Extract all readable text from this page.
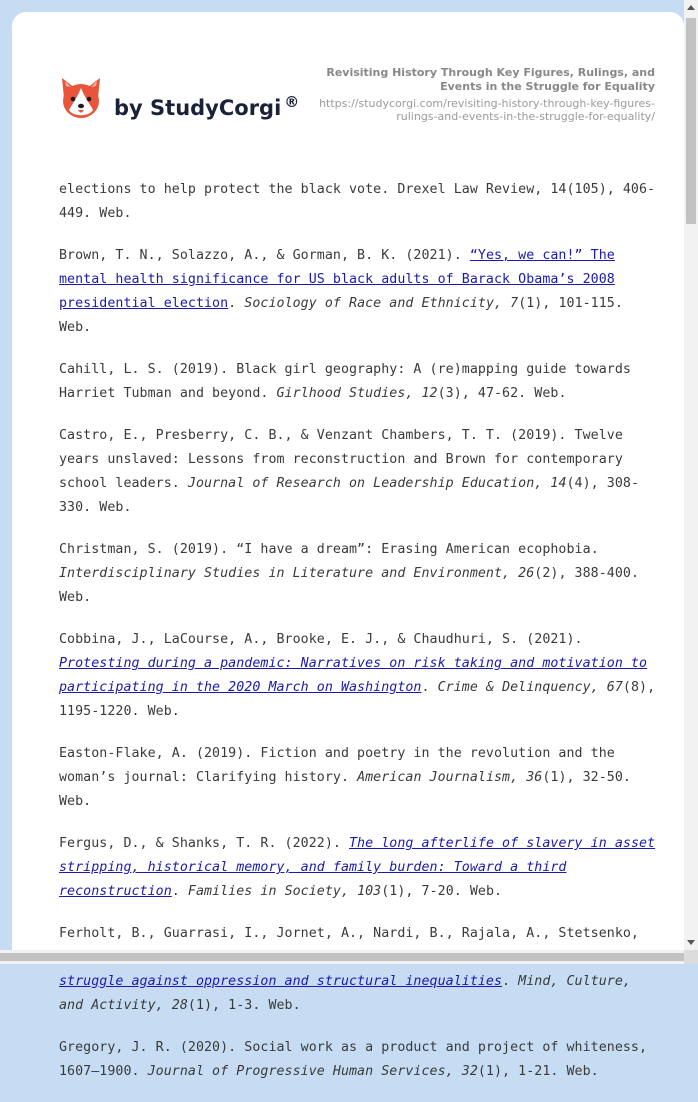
by StudyCorgi ®
Revisiting History Through Key Figures, Rulings, and Events in the Struggle for Equality
https://studycorgi.com/revisiting-history-through-key-figures-rulings-and-events-in-the-struggle-for-equality/

elections to help protect the black vote. Drexel Law Review, 14(105), 406-449. Web.

Brown, T. N., Solazzo, A., & Gorman, B. K. (2021). “Yes, we can!” The mental health significance for US black adults of Barack Obama’s 2008 presidential election. Sociology of Race and Ethnicity, 7(1), 101-115. Web.

Cahill, L. S. (2019). Black girl geography: A (re)mapping guide towards Harriet Tubman and beyond. Girlhood Studies, 12(3), 47-62. Web.

Castro, E., Presberry, C. B., & Venzant Chambers, T. T. (2019). Twelve years unslaved: Lessons from reconstruction and Brown for contemporary school leaders. Journal of Research on Leadership Education, 14(4), 308-330. Web.

Christman, S. (2019). “I have a dream”: Erasing American ecophobia. Interdisciplinary Studies in Literature and Environment, 26(2), 388-400. Web.

Cobbina, J., LaCourse, A., Brooke, E. J., & Chaudhuri, S. (2021). Protesting during a pandemic: Narratives on risk taking and motivation to participating in the 2020 March on Washington. Crime & Delinquency, 67(8), 1195-1220. Web.

Easton-Flake, A. (2019). Fiction and poetry in the revolution and the woman’s journal: Clarifying history. American Journalism, 36(1), 32-50. Web.

Fergus, D., & Shanks, T. R. (2022). The long afterlife of slavery in asset stripping, historical memory, and family burden: Toward a third reconstruction. Families in Society, 103(1), 7-20. Web.

Ferholt, B., Guarrasi, I., Jornet, A., Nardi, B., Rajala, A., Stetsenko, struggle against oppression and structural inequalities. Mind, Culture, and Activity, 28(1), 1-3. Web.

Gregory, J. R. (2020). Social work as a product and project of whiteness, 1607–1900. Journal of Progressive Human Services, 32(1), 1-21. Web.
